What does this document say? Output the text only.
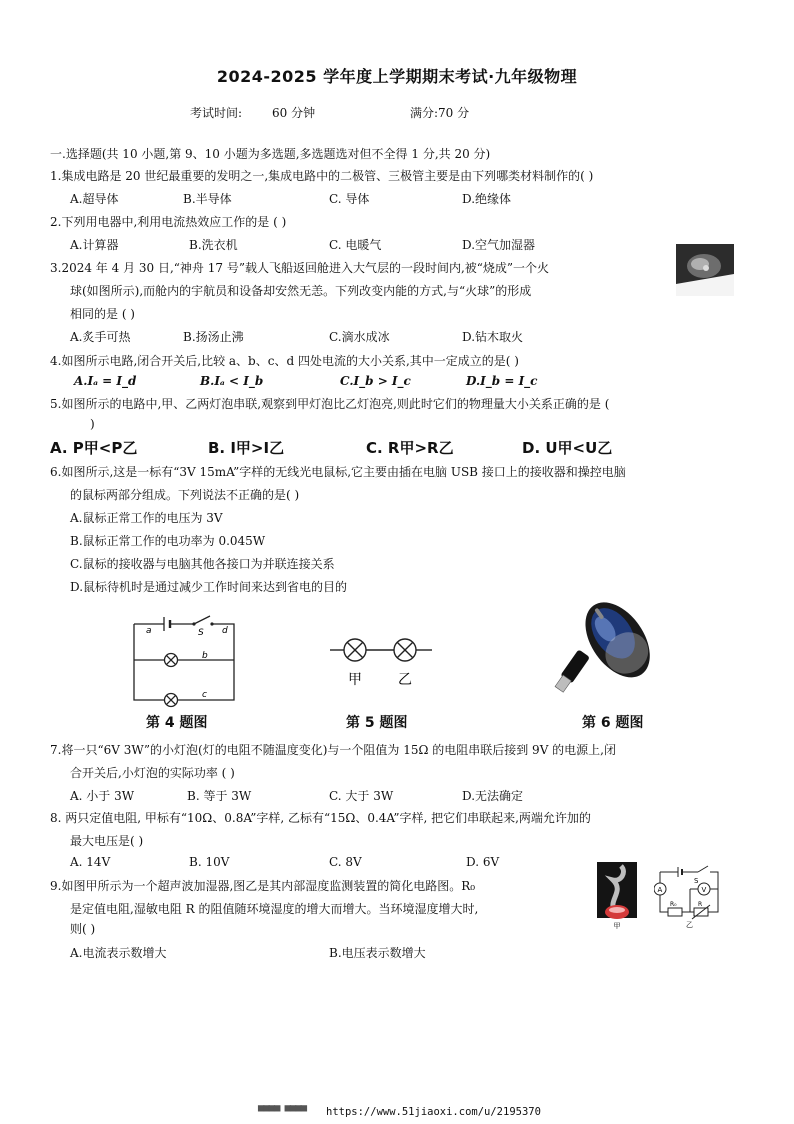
2024-2025 学年度上学期期末考试·九年级物理
考试时间: 60 分钟	满分:70 分
一.选择题(共 10 小题,第 9、10 小题为多选题,多选题选对但不全得 1 分,共 20 分)
1.集成电路是 20 世纪最重要的发明之一,集成电路中的二极管、三极管主要是由下列哪类材料制作的( )
A.超导体	B.半导体	C. 导体	D.绝缘体
2.下列用电器中,利用电流热效应工作的是 ( )
A.计算器	B.洗衣机	C. 电暖气	D.空气加湿器
3.2024 年 4 月 30 日,“神舟 17 号”载人飞船返回舱进入大气层的一段时间内,被“烧成”一个火
球(如图所示),而舱内的宇航员和设备却安然无恙。下列改变内能的方式,与“火球”的形成
相同的是 ( )
A.炙手可热	B.扬汤止沸	C.滴水成冰	D.钻木取火
4.如图所示电路,闭合开关后,比较 a、b、c、d 四处电流的大小关系,其中一定成立的是( )
A.Iₐ = I_d	B.Iₐ < I_b	C.I_b > I_c	D.I_b = I_c
5.如图所示的电路中,甲、乙两灯泡串联,观察到甲灯泡比乙灯泡亮,则此时它们的物理量大小关系正确的是 (
)
A. P甲<P乙	B. I甲>I乙	C. R甲>R乙	D. U甲<U乙
6.如图所示,这是一标有“3V 15mA”字样的无线光电鼠标,它主要由插在电脑 USB 接口上的接收器和操控电脑
的鼠标两部分组成。下列说法不正确的是( )
A.鼠标正常工作的电压为 3V
B.鼠标正常工作的电功率为 0.045W
C.鼠标的接收器与电脑其他各接口为并联连接关系
D.鼠标待机时是通过减少工作时间来达到省电的目的
a	S d
b
c
甲	乙
第 4 题图	第 5 题图	第 6 题图
7.将一只“6V 3W”的小灯泡(灯的电阻不随温度变化)与一个阻值为 15Ω 的电阻串联后接到 9V 的电源上,闭
合开关后,小灯泡的实际功率 ( )
A. 小于 3W	B. 等于 3W	C. 大于 3W	D.无法确定
8. 两只定值电阻, 甲标有“10Ω、0.8A”字样, 乙标有“15Ω、0.4A”字样, 把它们串联起来,两端允许加的
最大电压是( )
A. 14V	B. 10V	C. 8V	D. 6V
9.如图甲所示为一个超声波加湿器,图乙是其内部湿度监测装置的简化电路图。R₀
是定值电阻,湿敏电阻 R 的阻值随环境湿度的增大而增大。当环境湿度增大时,
则( )
A.电流表示数增大	B.电压表示数增大
甲
A	V
S
R₀	R
乙
▀▀▀▀ ▀▀▀▀ https://www.51jiaoxi.com/u/2195370
